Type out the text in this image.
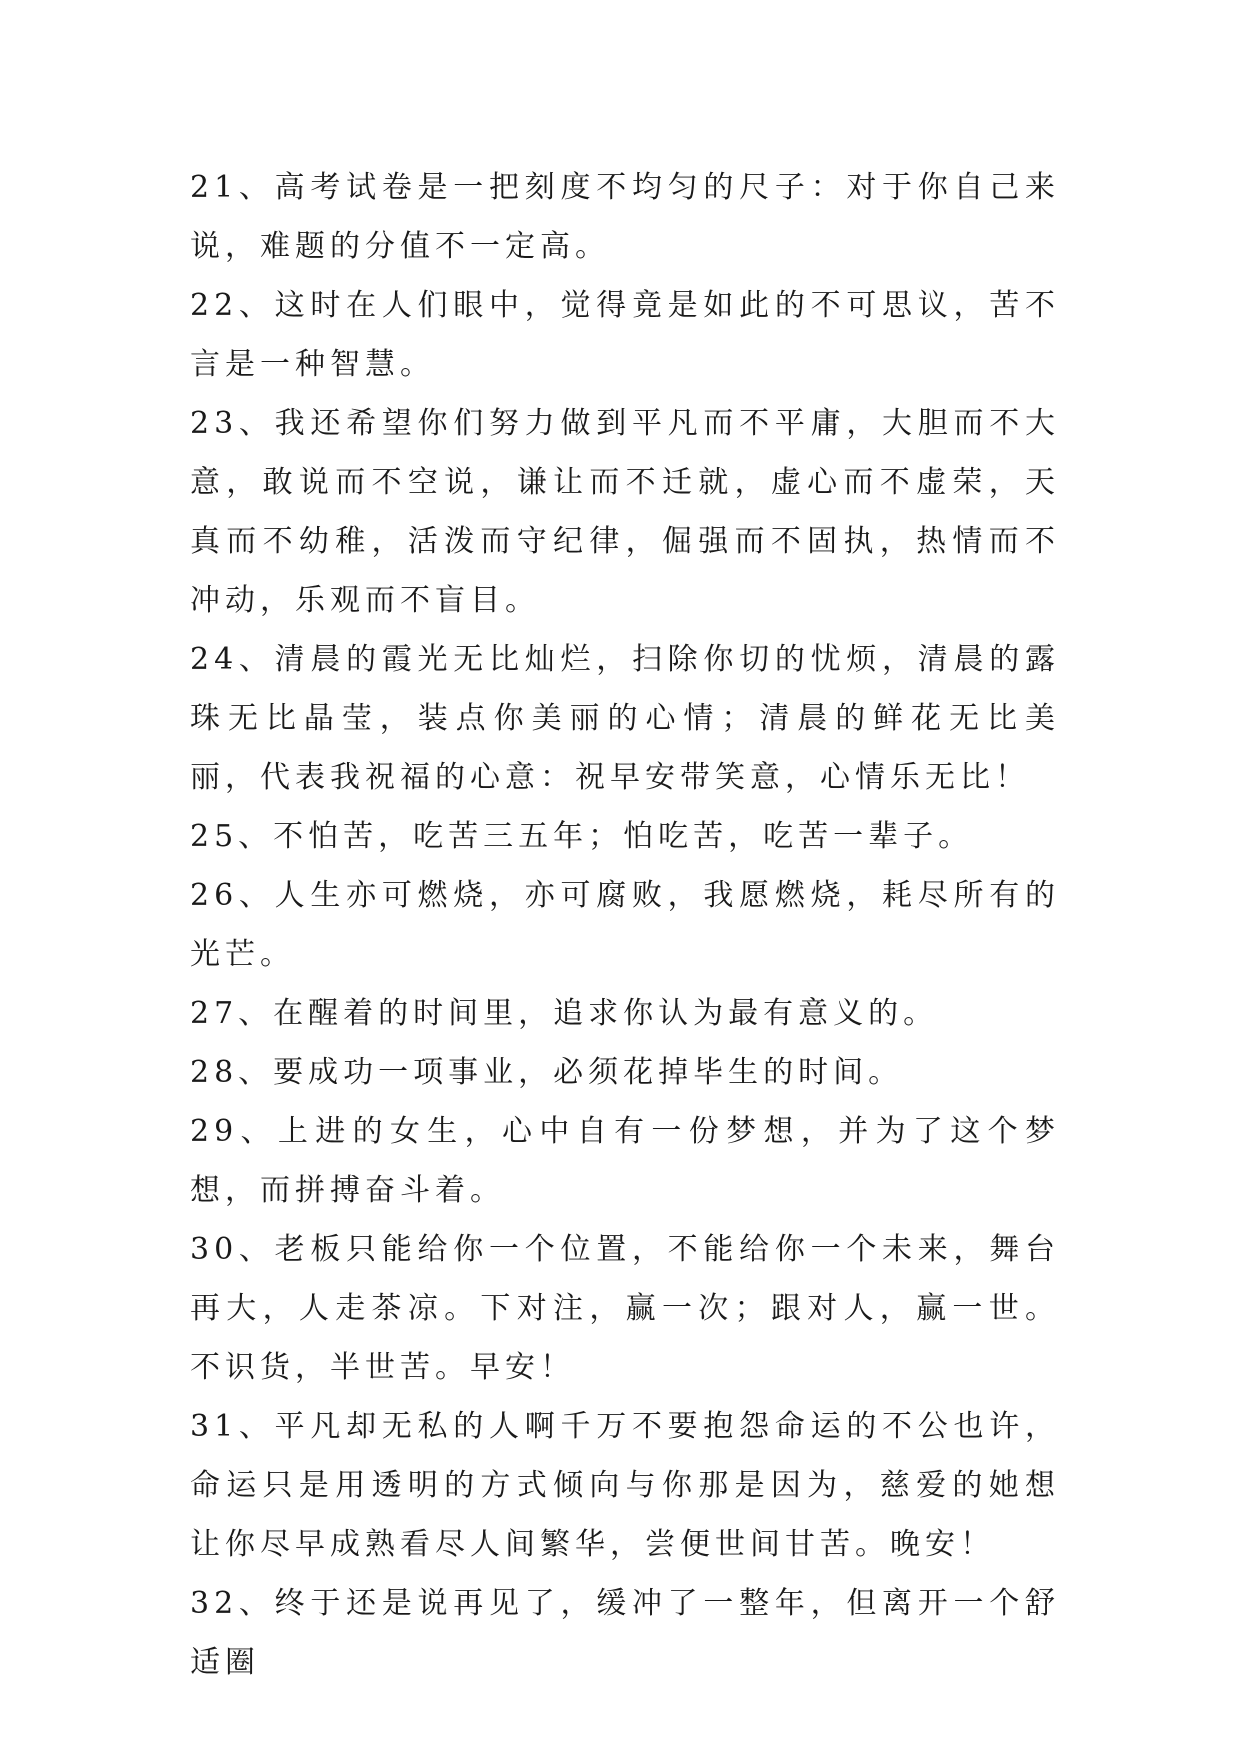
21、高考试卷是一把刻度不均匀的尺子：对于你自己来说，难题的分值不一定高。

22、这时在人们眼中，觉得竟是如此的不可思议，苦不言是一种智慧。

23、我还希望你们努力做到平凡而不平庸，大胆而不大意，敢说而不空说，谦让而不迁就，虚心而不虚荣，天真而不幼稚，活泼而守纪律，倔强而不固执，热情而不冲动，乐观而不盲目。

24、清晨的霞光无比灿烂，扫除你切的忧烦，清晨的露珠无比晶莹，装点你美丽的心情；清晨的鲜花无比美丽，代表我祝福的心意：祝早安带笑意，心情乐无比！

25、不怕苦，吃苦三五年；怕吃苦，吃苦一辈子。

26、人生亦可燃烧，亦可腐败，我愿燃烧，耗尽所有的光芒。

27、在醒着的时间里，追求你认为最有意义的。

28、要成功一项事业，必须花掉毕生的时间。

29、上进的女生，心中自有一份梦想，并为了这个梦想，而拼搏奋斗着。

30、老板只能给你一个位置，不能给你一个未来，舞台再大，人走茶凉。下对注，赢一次；跟对人，赢一世。不识货，半世苦。早安！

31、平凡却无私的人啊千万不要抱怨命运的不公也许，命运只是用透明的方式倾向与你那是因为，慈爱的她想让你尽早成熟看尽人间繁华，尝便世间甘苦。晚安！

32、终于还是说再见了，缓冲了一整年，但离开一个舒适圈
